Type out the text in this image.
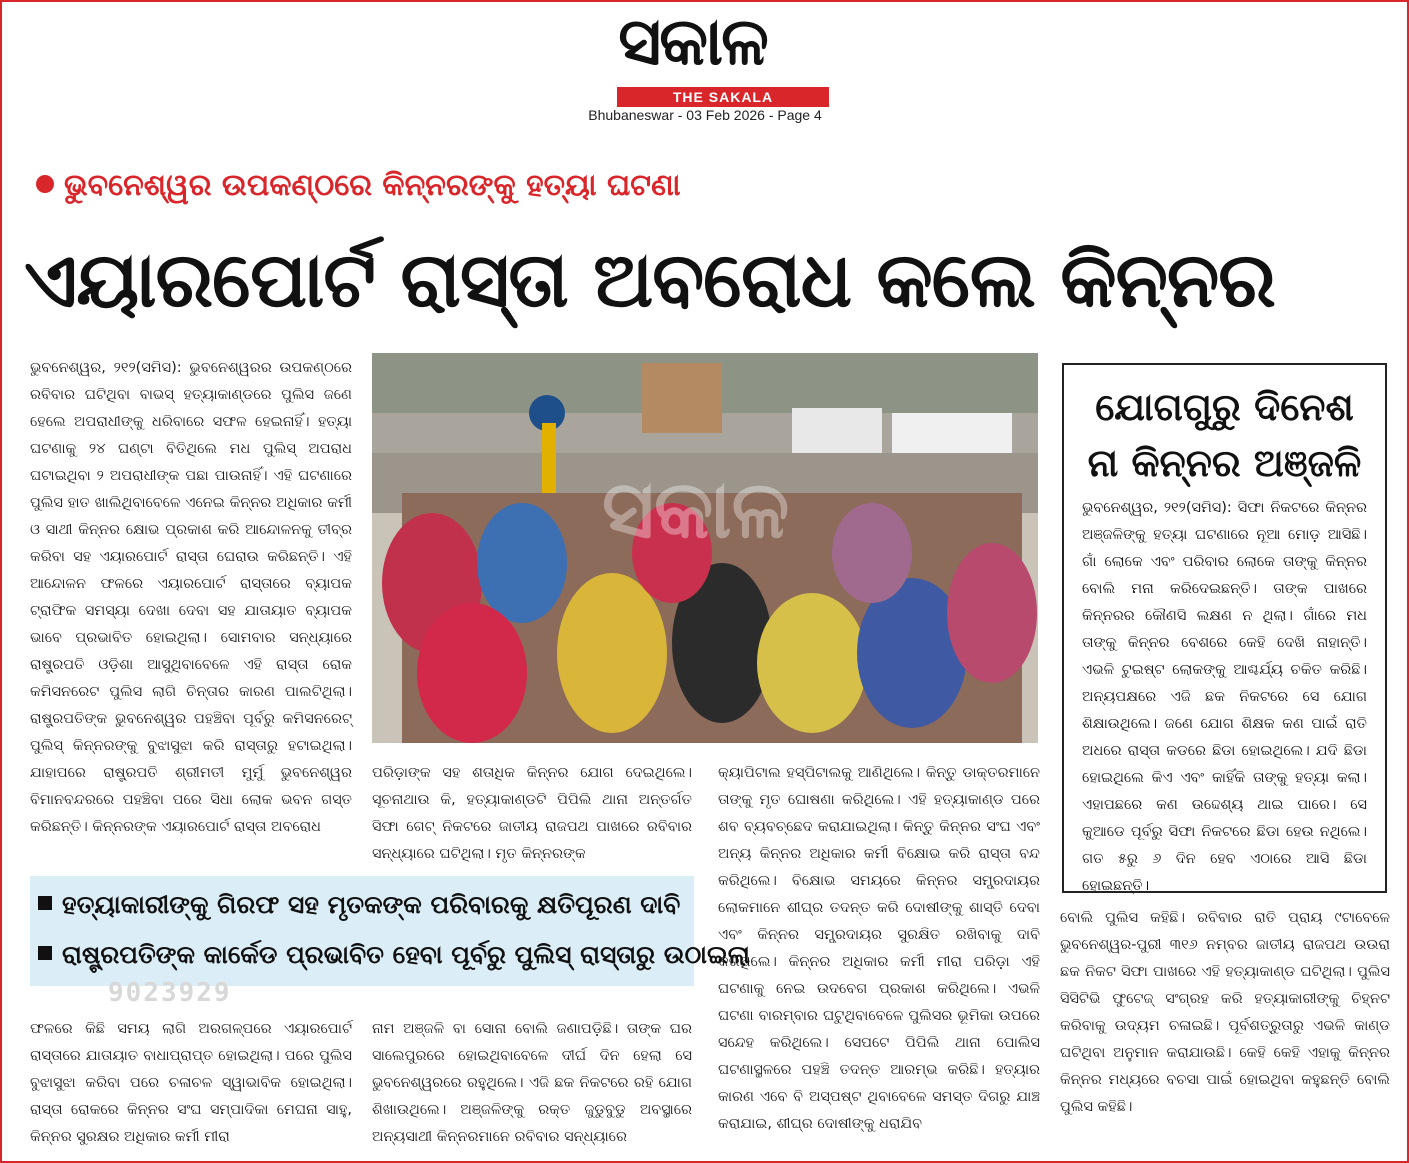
ସକାଳ
THE SAKALA
Bhubaneswar - 03 Feb 2026 - Page 4
ଭୁବନେଶ୍ୱର ଉପକଣ୍ଠରେ କିନ୍ନରଙ୍କୁ ହତ୍ୟା ଘଟଣା
ଏୟାରପୋର୍ଟ ରାସ୍ତା ଅବରୋଧ କଲେ କିନ୍ନର

ଭୁବନେଶ୍ୱର, ୨୧୨(ସମିସ): ଭୁବନେଶ୍ୱରର ଉପକଣ୍ଠରେ ରବିବାର ଘଟିଥିବା ବାଭସ୍ ହତ୍ୟାକାଣ୍ଡରେ ପୁଲିସ ଜଣେ ହେଲେ ଅପରାଧୀଙ୍କୁ ଧରିବାରେ ସଫଳ ହେଇନାହିଁ। ହତ୍ୟା ଘଟଣାକୁ ୨୪ ଘଣ୍ଟା ବିତିଥିଲେ ମଧ ପୁଲିସ୍ ଅପରାଧ ଘଟାଇଥିବା ୨ ଅପରାଧୀଙ୍କ ପଛା ପାଉନାହିଁ। ଏହି ଘଟଣାରେ ପୁଲିସ ହାତ ଖାଲିଥିବାବେଳେ ଏନେଇ କିନ୍ନର ଅଧିକାର କର୍ମୀ ଓ ସାଥୀ କିନ୍ନର କ୍ଷୋଭ ପ୍ରକାଶ କରି ଆନ୍ଦୋଳନକୁ ତୀବ୍ର କରିବା ସହ ଏୟାରପୋର୍ଟ ରାସ୍ତା ଘେରାଉ କରିଛନ୍ତି। ଏହି ଆନ୍ଦୋଳନ ଫଳରେ ଏୟାରପୋର୍ଟ ରାସ୍ତାରେ ବ୍ୟାପକ ଟ୍ରାଫିକ ସମସ୍ୟା ଦେଖା ଦେବା ସହ ଯାତାୟାତ ବ୍ୟାପକ ଭାବେ ପ୍ରଭାବିତ ହୋଇଥିଲା। ସୋମବାର ସନ୍ଧ୍ୟାରେ ରାଷ୍ଟ୍ରପତି ଓଡ଼ିଶା ଆସୁଥିବାବେଳେ ଏହି ରାସ୍ତା ରୋକ କମିସନରେଟ ପୁଲିସ ଲାଗି ଚିନ୍ତାର କାରଣ ପାଲଟିଥିଲା। ରାଷ୍ଟ୍ରପତିଙ୍କ ଭୁବନେଶ୍ୱର ପହଞ୍ଚିବା ପୂର୍ବରୁ କମିସନରେଟ୍ ପୁଲିସ୍ କିନ୍ନରଙ୍କୁ ବୁଝାସୁଝା କରି ରାସ୍ତାରୁ ହଟାଇଥିଲା। ଯାହାପରେ ରାଷ୍ଟ୍ରପତି ଶ୍ରୀମତୀ ମୁର୍ମୁ ଭୁବନେଶ୍ୱର ବିମାନବନ୍ଦରରେ ପହଞ୍ଚିବା ପରେ ସିଧା ଲୋକ ଭବନ ଗସ୍ତ କରିଛନ୍ତି। କିନ୍ନରଙ୍କ ଏୟାରପୋର୍ଟ ରାସ୍ତା ଅବରୋଧ

ସକାଳ

ପରିଡ଼ାଙ୍କ ସହ ଶତାଧିକ କିନ୍ନର ଯୋଗ ଦେଇଥିଲେ। ସୂଚନାଥାଉ କି, ହତ୍ୟାକାଣ୍ଡଟି ପିପିଲି ଥାନା ଅନ୍ତର୍ଗତ ସିଫା ଗେଟ୍ ନିକଟରେ ଜାତୀୟ ରାଜପଥ ପାଖରେ ରବିବାର ସନ୍ଧ୍ୟାରେ ଘଟିଥିଲା। ମୃତ କିନ୍ନରଙ୍କ

କ୍ୟାପିଟାଲ ହସ୍ପିଟାଲକୁ ଆଣିଥିଲେ। କିନ୍ତୁ ଡାକ୍ତରମାନେ ତାଙ୍କୁ ମୃତ ଘୋଷଣା କରିଥିଲେ। ଏହି ହତ୍ୟାକାଣ୍ଡ ପରେ ଶବ ବ୍ୟବଚ୍ଛେଦ କରାଯାଇଥିଲା। କିନ୍ତୁ କିନ୍ନର ସଂଘ ଏବଂ ଅନ୍ୟ କିନ୍ନର ଅଧିକାର କର୍ମୀ ବିକ୍ଷୋଭ କରି ରାସ୍ତା ବନ୍ଦ କରିଥିଲେ। ବିକ୍ଷୋଭ ସମୟରେ କିନ୍ନର ସମ୍ପ୍ରଦାୟର ଲୋକମାନେ ଶୀଘ୍ର ତଦନ୍ତ କରି ଦୋଷୀଙ୍କୁ ଶାସ୍ତି ଦେବା ଏବଂ କିନ୍ନର ସମ୍ପ୍ରଦାୟର ସୁରକ୍ଷିତ ରଖିବାକୁ ଦାବି କରିଥିଲେ। କିନ୍ନର ଅଧିକାର କର୍ମୀ ମୀରା ପରିଡ଼ା ଏହି ଘଟଣାକୁ ନେଇ ଉଦବେଗ ପ୍ରକାଶ କରିଥିଲେ। ଏଭଳି ଘଟଣା ବାରମ୍ବାର ଘଟୁଥିବାବେଳେ ପୁଲିସର ଭୂମିକା ଉପରେ ସନ୍ଦେହ କରିଥିଲେ। ସେପଟେ ପିପିଲି ଥାନା ପୋଲିସ ଘଟଣାସ୍ଥଳରେ ପହଞ୍ଚି ତଦନ୍ତ ଆରମ୍ଭ କରିଛି। ହତ୍ୟାର କାରଣ ଏବେ ବି ଅସ୍ପଷ୍ଟ ଥିବାବେଳେ ସମସ୍ତ ଦିଗରୁ ଯାଞ୍ଚ କରାଯାଇ, ଶୀଘ୍ର ଦୋଷୀଙ୍କୁ ଧରାଯିବ

ଯୋଗଗୁରୁ ଦିନେଶ
ନା କିନ୍ନର ଅଞ୍ଜଳି
ଭୁବନେଶ୍ୱର, ୨୧୨(ସମିସ): ସିଫା ନିକଟରେ କିନ୍ନର ଅଞ୍ଜଳିଙ୍କୁ ହତ୍ୟା ଘଟଣାରେ ନୂଆ ମୋଡ଼ ଆସିଛି। ଗାଁ ଲୋକେ ଏବଂ ପରିବାର ଲୋକେ ତାଙ୍କୁ କିନ୍ନର ବୋଲି ମନା କରିଦେଇଛନ୍ତି। ତାଙ୍କ ପାଖରେ କିନ୍ନରର କୌଣସି ଲକ୍ଷଣ ନ ଥିଲା। ଗାଁରେ ମଧ ତାଙ୍କୁ କିନ୍ନର ବେଶରେ କେହି ଦେଖି ନାହାନ୍ତି। ଏଭଳି ଟୁଇଷ୍ଟ ଲୋକଙ୍କୁ ଆଶ୍ଚର୍ଯ୍ୟ ଚକିତ କରିଛି। ଅନ୍ୟପକ୍ଷରେ ଏଜି ଛକ ନିକଟରେ ସେ ଯୋଗ ଶିକ୍ଷାଉଥିଲେ। ଜଣେ ଯୋଗ ଶିକ୍ଷକ କଣ ପାଇଁ ରାତି ଅଧରେ ରାସ୍ତା କଡରେ ଛିଡା ହୋଇଥିଲେ। ଯଦି ଛିଡା ହୋଇଥିଲେ କିଏ ଏବଂ କାହିଁକି ତାଙ୍କୁ ହତ୍ୟା କଲା। ଏହାପଛରେ କଣ ଉଦ୍ଦେଶ୍ୟ ଥାଇ ପାରେ। ସେ କୁଆଡେ ପୂର୍ବରୁ ସିଫା ନିକଟରେ ଛିଡା ହେଉ ନଥିଲେ। ଗତ ୫ରୁ ୬ ଦିନ ହେବ ଏଠାରେ ଆସି ଛିଡା ହୋଇଛନ୍ତି।
ହତ୍ୟାକାରୀଙ୍କୁ ଗିରଫ ସହ ମୃତକଙ୍କ ପରିବାରକୁ କ୍ଷତିପୂରଣ ଦାବି
ରାଷ୍ଟ୍ରପତିଙ୍କ କାର୍କେଡ ପ୍ରଭାବିତ ହେବା ପୂର୍ବରୁ ପୁଲିସ୍ ରାସ୍ତାରୁ ଉଠାଇଲା
9023929

ଫଳରେ କିଛି ସମୟ ଲାଗି ଅରଗଳ୍ପରେ ଏୟାରପୋର୍ଟ ରାସ୍ତାରେ ଯାତାୟାତ ବାଧାପ୍ରାପ୍ତ ହୋଇଥିଲା। ପରେ ପୁଲିସ ବୁଝାସୁଝା କରିବା ପରେ ଚଳାଚଳ ସ୍ୱାଭାବିକ ହୋଇଥିଲା। ରାସ୍ତା ରୋକରେ କିନ୍ନର ସଂଘ ସମ୍ପାଦିକା ମେଘନା ସାହୁ, କିନ୍ନର ସୁରକ୍ଷର ଅଧିକାର କର୍ମୀ ମୀରା

ନାମ ଅଞ୍ଜଳି ବା ସୋନା ବୋଲି ଜଣାପଡ଼ିଛି। ତାଙ୍କ ଘର ସାଲେପୁରରେ ହୋଇଥିବାବେଳେ ଦୀର୍ଘ ଦିନ ହେଲା ସେ ଭୁବନେଶ୍ୱରରେ ରହୁଥିଲେ। ଏଜି ଛକ ନିକଟରେ ରହି ଯୋଗ ଶିଖାଉଥିଲେ। ଅଞ୍ଜଳିଙ୍କୁ ରକ୍ତ ଜୁଡୁବୁଡୁ ଅବସ୍ଥାରେ ଅନ୍ୟସାଥୀ କିନ୍ନରମାନେ ରବିବାର ସନ୍ଧ୍ୟାରେ

ବୋଲି ପୁଲିସ କହିଛି। ରବିବାର ରାତି ପ୍ରାୟ ୯ଟାବେଳେ ଭୁବନେଶ୍ୱର-ପୁରୀ ୩୧୬ ନମ୍ବର ଜାତୀୟ ରାଜପଥ ଉଉରା ଛକ ନିକଟ ସିଫା ପାଖରେ ଏହି ହତ୍ୟାକାଣ୍ଡ ଘଟିଥିଲା। ପୁଲିସ ସିସିଟିଭି ଫୁଟେଜ୍ ସଂଗ୍ରହ କରି ହତ୍ୟାକାରୀଙ୍କୁ ଚିହ୍ନଟ କରିବାକୁ ଉଦ୍ୟମ ଚଳାଇଛି। ପୂର୍ବଶତ୍ରୁତାରୁ ଏଭଳି କାଣ୍ଡ ଘଟିଥିବା ଅନୁମାନ କରାଯାଉଛି। କେହି କେହି ଏହାକୁ କିନ୍ନର କିନ୍ନର ମଧ୍ୟରେ ବଚସା ପାଇଁ ହୋଇଥିବା କହୁଛନ୍ତି ବୋଲି ପୁଲିସ କହିଛି।
